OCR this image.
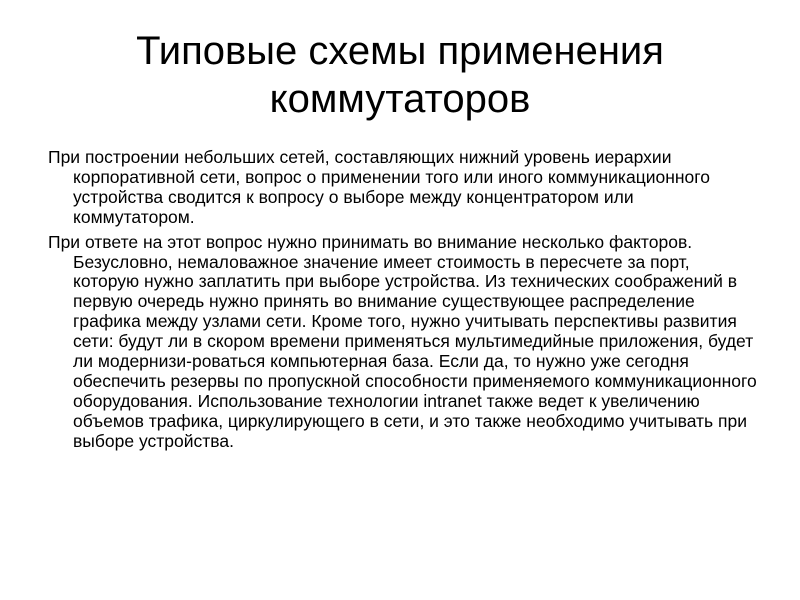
Типовые схемы применения
коммутаторов

При построении небольших сетей, составляющих нижний уровень иерархии корпоративной сети, вопрос о применении того или иного коммуникационного устройства сводится к вопросу о выборе между концентратором или коммутатором.

При ответе на этот вопрос нужно принимать во внимание несколько факторов. Безусловно, немаловажное значение имеет стоимость в пересчете за порт, которую нужно заплатить при выборе устройства. Из технических соображений в первую очередь нужно принять во внимание существующее распределение графика между узлами сети. Кроме того, нужно учитывать перспективы развития сети: будут ли в скором времени применяться мультимедийные приложения, будет ли модернизи-роваться компьютерная база. Если да, то нужно уже сегодня обеспечить резервы по пропускной способности применяемого коммуникационного оборудования. Использование технологии intranet также ведет к увеличению объемов трафика, циркулирующего в сети, и это также необходимо учитывать при выборе устройства.
